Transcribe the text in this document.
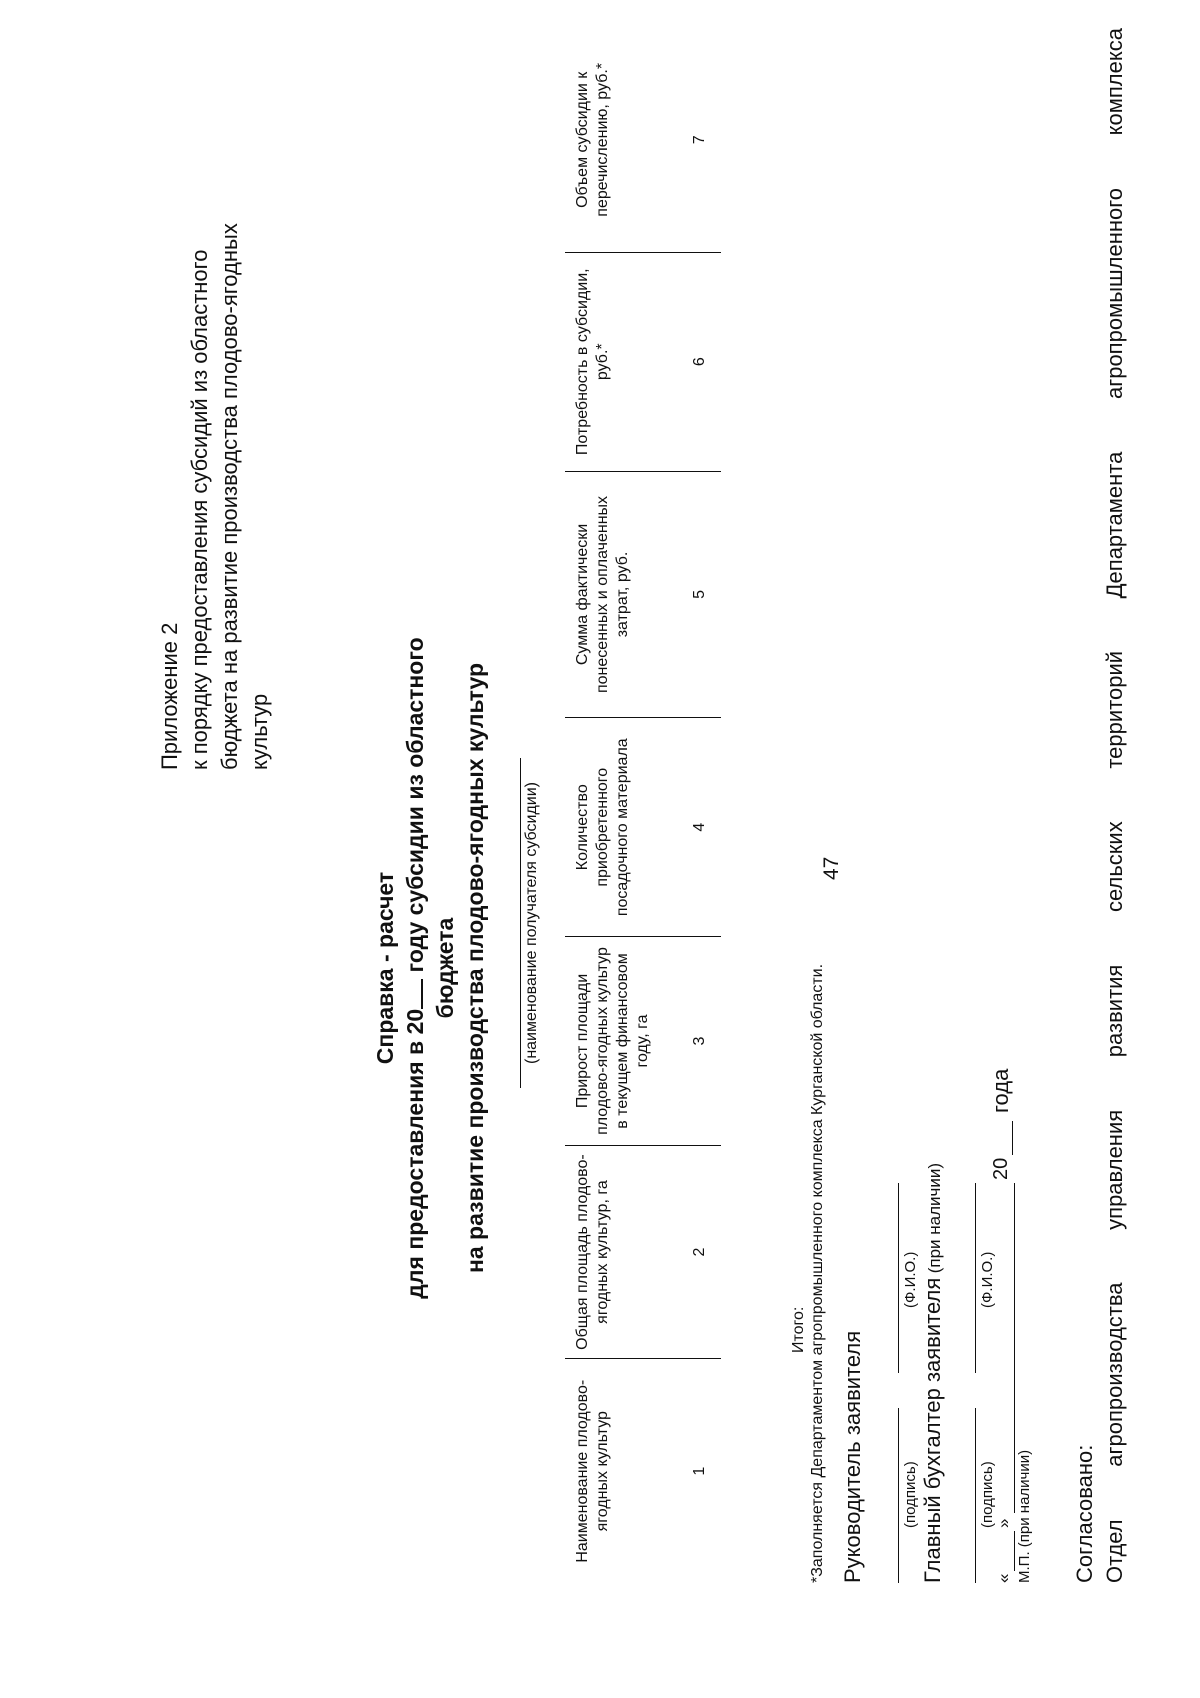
47
Приложение 2 к порядку предоставления субсидий из областного бюджета на развитие производства плодово-ягодных культур
Справка - расчет
для предоставления в 20 году субсидии из областного бюджета на развитие производства плодово-ягодных культур (наименование получателя субсидии)
Наименование плодово-ягодных культур	Общая площадь плодово-ягодных культур, га	Прирост площади плодово-ягодных культур в текущем финансовом году, га	Количество приобретенного посадочного материала	Сумма фактически понесенных и оплаченных затрат, руб.	Потребность в субсидии, руб.*	Объем субсидии к перечислению, руб.*
1	2	3	4	5	6	7
Итого: *Заполняется Департаментом агропромышленного комплекса Курганской области. Руководитель заявителя (подпись)
(Ф.И.О.) Главный бухгалтер заявителя (при наличии)
(подпись)
(Ф.И.О.)
«
»
20
года
М.П. (при наличии) Согласовано: Отдел агропроизводства управления развития сельских территорий Департамента агропромышленного комплекса
